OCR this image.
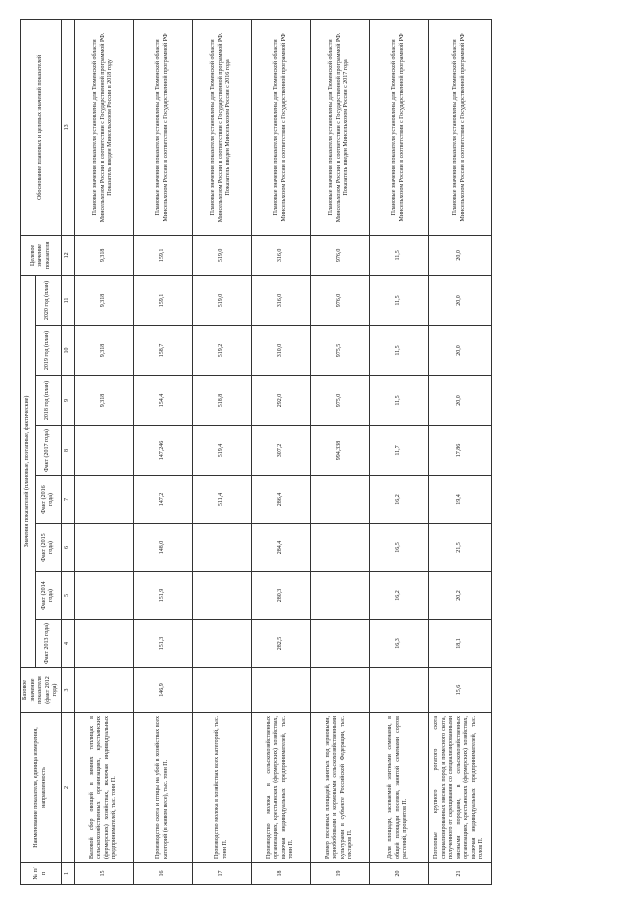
№ п/п	Наименование показателя, единица измерения, направленность	Базовое значение показателя (факт 2012 года)	Значения показателей (плановые, поэтапные, фактические)								Целевое значение показателя	Обоснование плановых и целевых значений показателей
			Факт 2013 года)	Факт (2014 года)	Факт (2015 года)	Факт (2016 года)	Факт (2017 года)	2018 год (план)	2019 год (план)	2020 год (план)		
1	2	3	4	5	6	7	8	9	10	11	12	13
15	Валовой сбор овощей в зимних теплицах в сельскохозяйственных организациях, крестьянских (фермерских) хозяйствах, включая индивидуальных предпринимателей, тыс. тонн П.							9,318	9,318	9,318	9,318	Плановые значения показателя установлены для Тюменской области Минсельхозом России в соответствии с Государственной программой РФ. Показатель введен Минсельхозом России в 2018 году
16	Производство скота и птицы на убой в хозяйствах всех категорий (в живом весе), тыс. тонн П.	146,9	151,3	151,9	148,0	147,2	147,246	154,4	158,7	159,1	159,1	Плановые значения показателя установлены для Тюменской области Минсельхозом России в соответствии с Государственной программой РФ
17	Производство молока в хозяйствах всех категорий, тыс. тонн П.					511,4	519,4	518,8	519,2	519,0	519,0	Плановые значения показателя установлены для Тюменской области Минсельхозом России в соответствии с Государственной программой РФ. Показатель введен Минсельхозом России с 2016 года
18	Производство молока в сельскохозяйственных организациях, крестьянских (фермерских) хозяйствах, включая индивидуальных предпринимателей, тыс. тонн П.		282,5	280,3	284,4	286,4	307,2	292,0	310,0	316,0	316,0	Плановые значения показателя установлены для Тюменской области Минсельхозом России в соответствии с Государственной программой РФ
19	Размер посевных площадей, занятых под зерновыми, зернобобовыми и кормовыми сельскохозяйственными культурами в субъекте Российской Федерации, тыс. гектаров П.						994,338	975,0	975,5	976,0	976,0	Плановые значения показателя установлены для Тюменской области Минсельхозом России в соответствии с Государственной программой РФ. Показатель введен Минсельхозом России с 2017 года
20	Доля площади, засеваемой элитными семенами, в общей площади посевов, занятой семенами сортов растений, процентов П.		16,3	16,2	16,5	16,2	11,7	11,5	11,5	11,5	11,5	Плановые значения показателя установлены для Тюменской области Минсельхозом России в соответствии с Государственной программой РФ
21	Поголовье крупного рогатого скота специализированных мясных пород и помесного скота, полученного от скрещивания со специализированными мясными породами, в сельскохозяйственных организациях, крестьянских (фермерских) хозяйствах, включая индивидуальных предпринимателей, тыс. голов П.	15,6	18,1	20,2	21,5	19,4	17,86	20,0	20,0	20,0	20,0	Плановые значения показателя установлены для Тюменской области Минсельхозом России в соответствии с Государственной программой РФ
